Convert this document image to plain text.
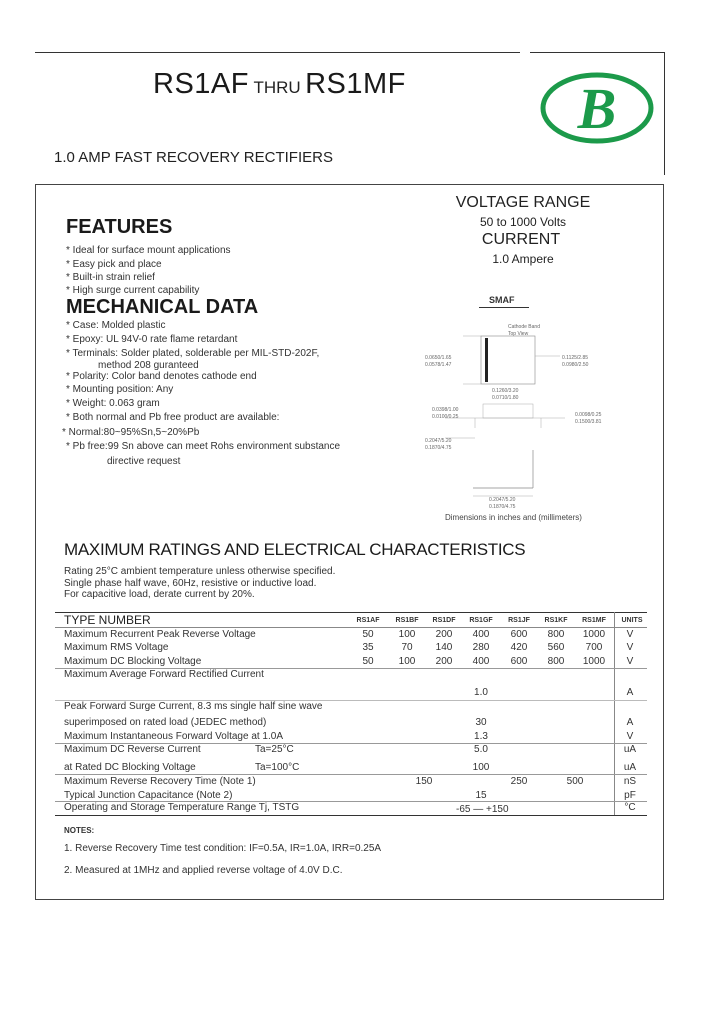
RS1AF THRU RS1MF
1.0 AMP FAST RECOVERY RECTIFIERS
B
VOLTAGE RANGE
50 to 1000 Volts
CURRENT
1.0 Ampere
FEATURES
* Ideal for surface mount applications
* Easy pick and place
* Built-in strain relief
* High surge current capability
MECHANICAL DATA
* Case: Molded plastic
* Epoxy: UL 94V-0 rate flame retardant
* Terminals: Solder plated, solderable per MIL-STD-202F,
method 208 guranteed
* Polarity: Color band denotes cathode end
* Mounting position: Any
* Weight: 0.063 gram
* Both normal and Pb free product are available:
* Normal:80~95%Sn,5~20%Pb
* Pb free:99 Sn above can meet Rohs environment substance
directive request
SMAF
Cathode Band
Top View
0.0650/1.65
0.0578/1.47
0.1125/2.85
0.0980/2.50
0.1260/3.20
0.0710/1.80
0.0398/1.00
0.0100/0.25	0.0098/0.25
0.1500/3.81
0.2047/5.20
0.1870/4.75
0.2047/5.20
0.1870/4.75
Dimensions in inches and (millimeters)
MAXIMUM RATINGS AND ELECTRICAL CHARACTERISTICS
Rating 25°C ambient temperature unless otherwise specified.
Single phase half wave, 60Hz, resistive or inductive load.
For capacitive load, derate current by 20%.
TYPE NUMBER	RS1AF	RS1BF	RS1DF	RS1GF	RS1JF	RS1KF	RS1MF	UNITS
Maximum Recurrent Peak Reverse Voltage	50	100	200	400	600	800	1000	V
Maximum RMS Voltage	35	70	140	280	420	560	700	V
Maximum DC Blocking Voltage	50	100	200	400	600	800	1000	V
Maximum Average Forward Rectified Current
1.0	A
Peak Forward Surge Current, 8.3 ms single half sine wave
superimposed on rated load (JEDEC method)	30	A
Maximum Instantaneous Forward Voltage at 1.0A	1.3	V
Maximum DC Reverse Current	Ta=25°C	5.0	uA
at Rated DC Blocking Voltage	Ta=100°C	100	uA
Maximum Reverse Recovery Time (Note 1)	150	250	500	nS
Typical Junction Capacitance (Note 2)	15	pF
Operating and Storage Temperature Range Tj, TSTG	-65 — +150	°C
NOTES:
1. Reverse Recovery Time test condition: IF=0.5A, IR=1.0A, IRR=0.25A
2. Measured at 1MHz and applied reverse voltage of 4.0V D.C.
